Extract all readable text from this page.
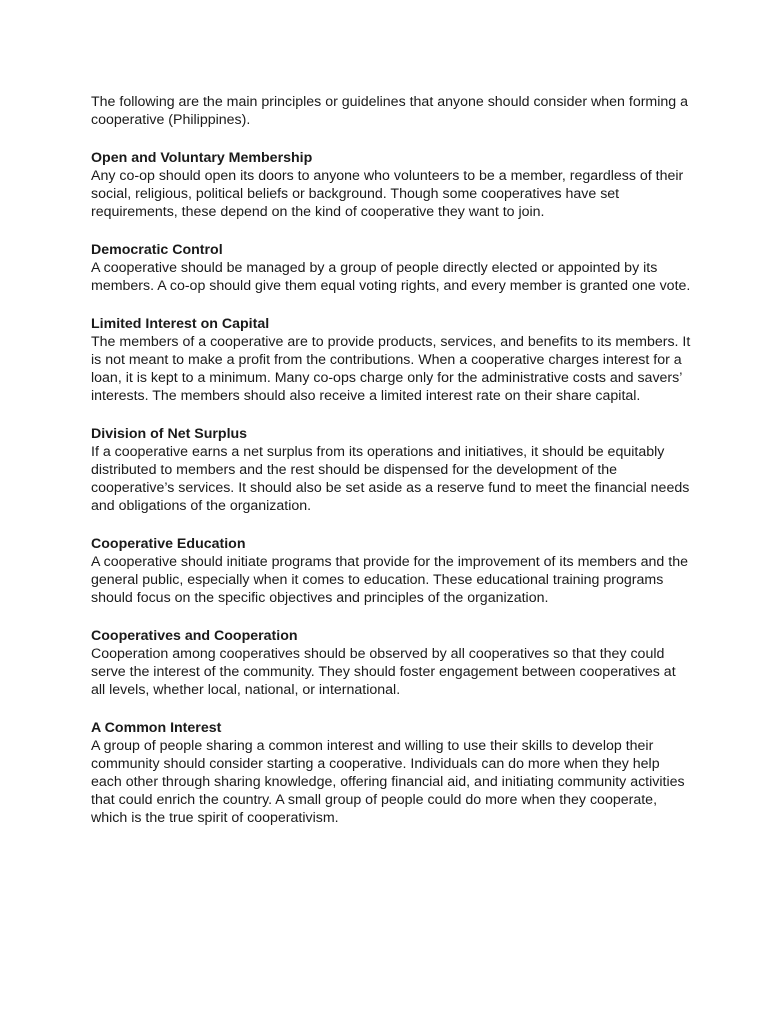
The following are the main principles or guidelines that anyone should consider when forming a cooperative (Philippines).

Open and Voluntary Membership

Any co-op should open its doors to anyone who volunteers to be a member, regardless of their social, religious, political beliefs or background. Though some cooperatives have set requirements, these depend on the kind of cooperative they want to join.

Democratic Control

A cooperative should be managed by a group of people directly elected or appointed by its members. A co-op should give them equal voting rights, and every member is granted one vote.

Limited Interest on Capital

The members of a cooperative are to provide products, services, and benefits to its members. It is not meant to make a profit from the contributions. When a cooperative charges interest for a loan, it is kept to a minimum. Many co-ops charge only for the administrative costs and savers’ interests. The members should also receive a limited interest rate on their share capital.

Division of Net Surplus

If a cooperative earns a net surplus from its operations and initiatives, it should be equitably distributed to members and the rest should be dispensed for the development of the cooperative’s services. It should also be set aside as a reserve fund to meet the financial needs and obligations of the organization.

Cooperative Education

A cooperative should initiate programs that provide for the improvement of its members and the general public, especially when it comes to education. These educational training programs should focus on the specific objectives and principles of the organization.

Cooperatives and Cooperation

Cooperation among cooperatives should be observed by all cooperatives so that they could serve the interest of the community. They should foster engagement between cooperatives at all levels, whether local, national, or international.

A Common Interest

A group of people sharing a common interest and willing to use their skills to develop their community should consider starting a cooperative. Individuals can do more when they help each other through sharing knowledge, offering financial aid, and initiating community activities that could enrich the country. A small group of people could do more when they cooperate, which is the true spirit of cooperativism.
